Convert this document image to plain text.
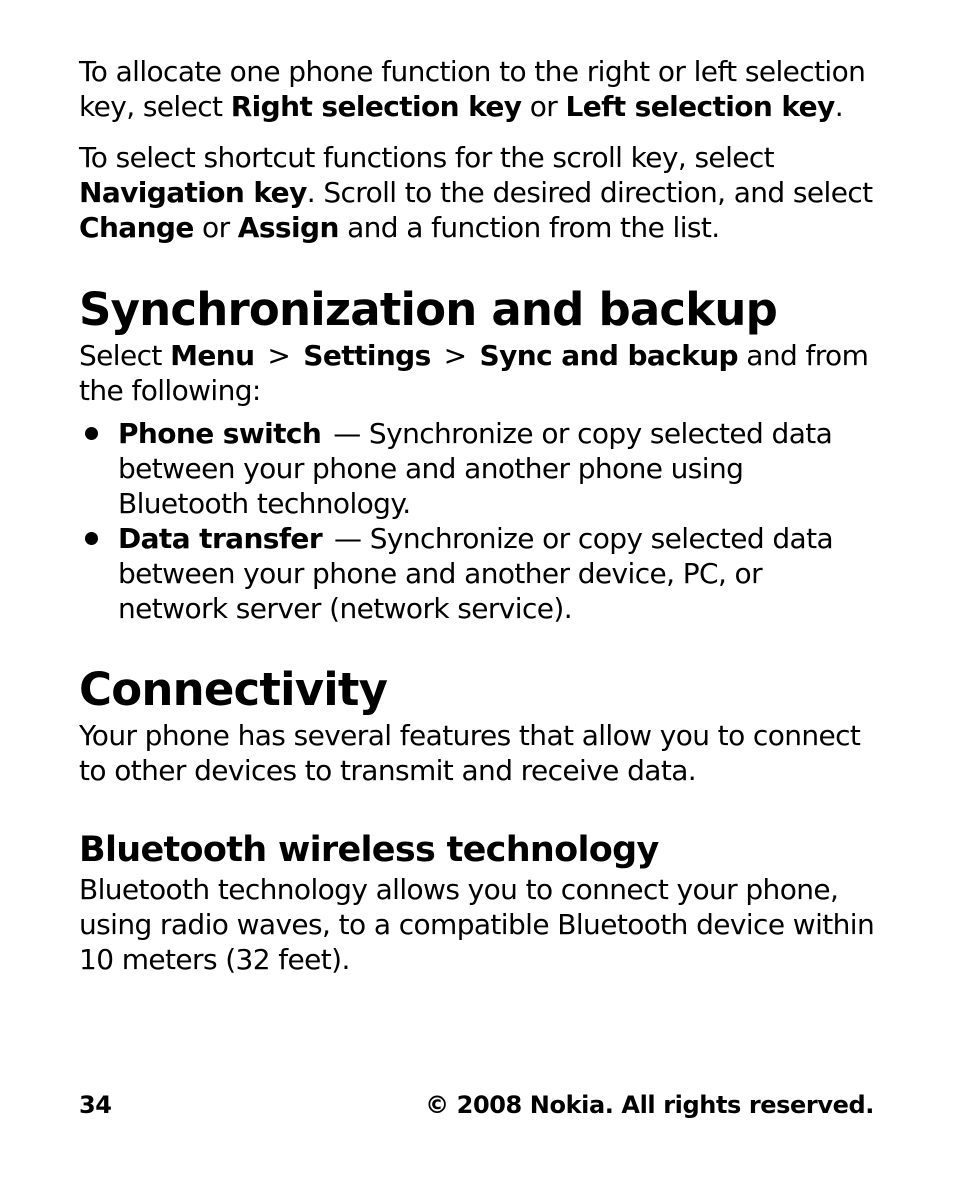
To allocate one phone function to the right or left selection key, select Right selection key or Left selection key.

To select shortcut functions for the scroll key, select Navigation key. Scroll to the desired direction, and select Change or Assign and a function from the list.

Synchronization and backup

Select Menu > Settings > Sync and backup and from the following:

Phone switch — Synchronize or copy selected data between your phone and another phone using Bluetooth technology.
Data transfer — Synchronize or copy selected data between your phone and another device, PC, or network server (network service).
Connectivity

Your phone has several features that allow you to connect to other devices to transmit and receive data.

Bluetooth wireless technology

Bluetooth technology allows you to connect your phone, using radio waves, to a compatible Bluetooth device within 10 meters (32 feet).

34	© 2008 Nokia. All rights reserved.
